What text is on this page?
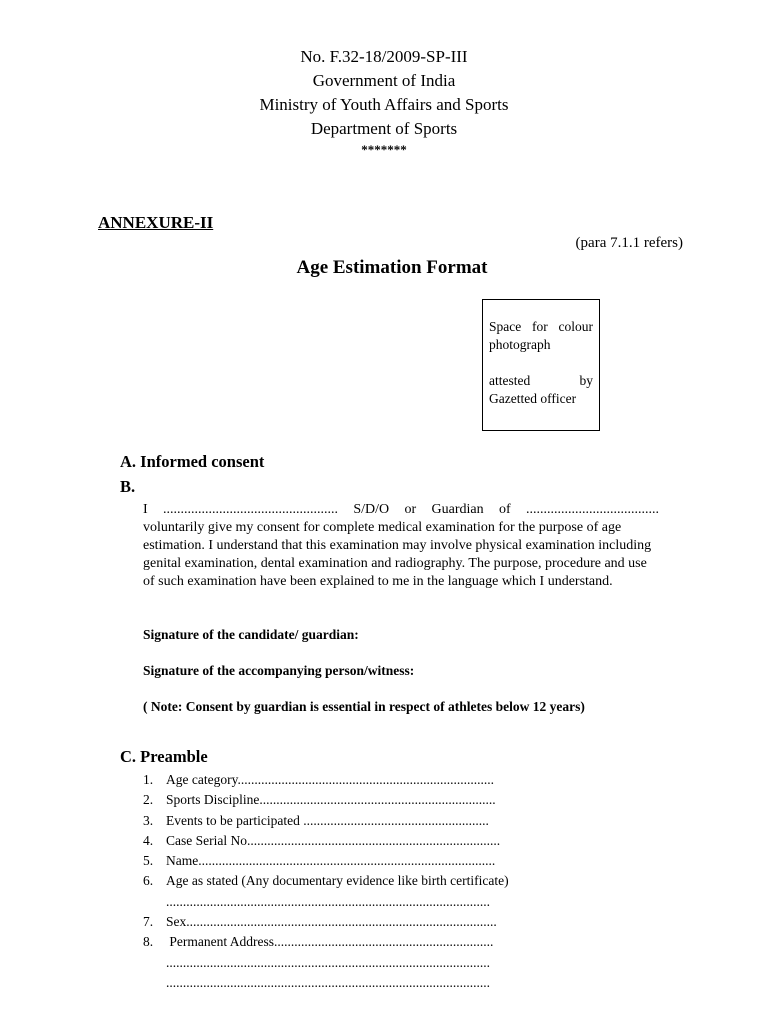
No. F.32-18/2009-SP-III
Government of India
Ministry of Youth Affairs and Sports
Department of Sports
*******
ANNEXURE-II
(para 7.1.1 refers)
Age Estimation Format
Space for colour
photograph
attested by
Gazetted officer
A. Informed consent
B.
I .................................................. S/D/O or Guardian of ......................................
voluntarily give my consent for complete medical examination for the purpose of age estimation. I understand that this examination may involve physical examination including genital examination, dental examination and radiography. The purpose, procedure and use of such examination have been explained to me in the language which I understand.
Signature of the candidate/ guardian:
Signature of the accompanying person/witness:
( Note: Consent by guardian is essential in respect of athletes below 12 years)
C. Preamble
1. Age category............................................................................
2. Sports Discipline......................................................................
3. Events to be participated .......................................................
4. Case Serial No...........................................................................
5. Name........................................................................................
6. Age as stated (Any documentary evidence like birth certificate)
................................................................................................
7. Sex............................................................................................
8. Permanent Address.................................................................
................................................................................................
................................................................................................
